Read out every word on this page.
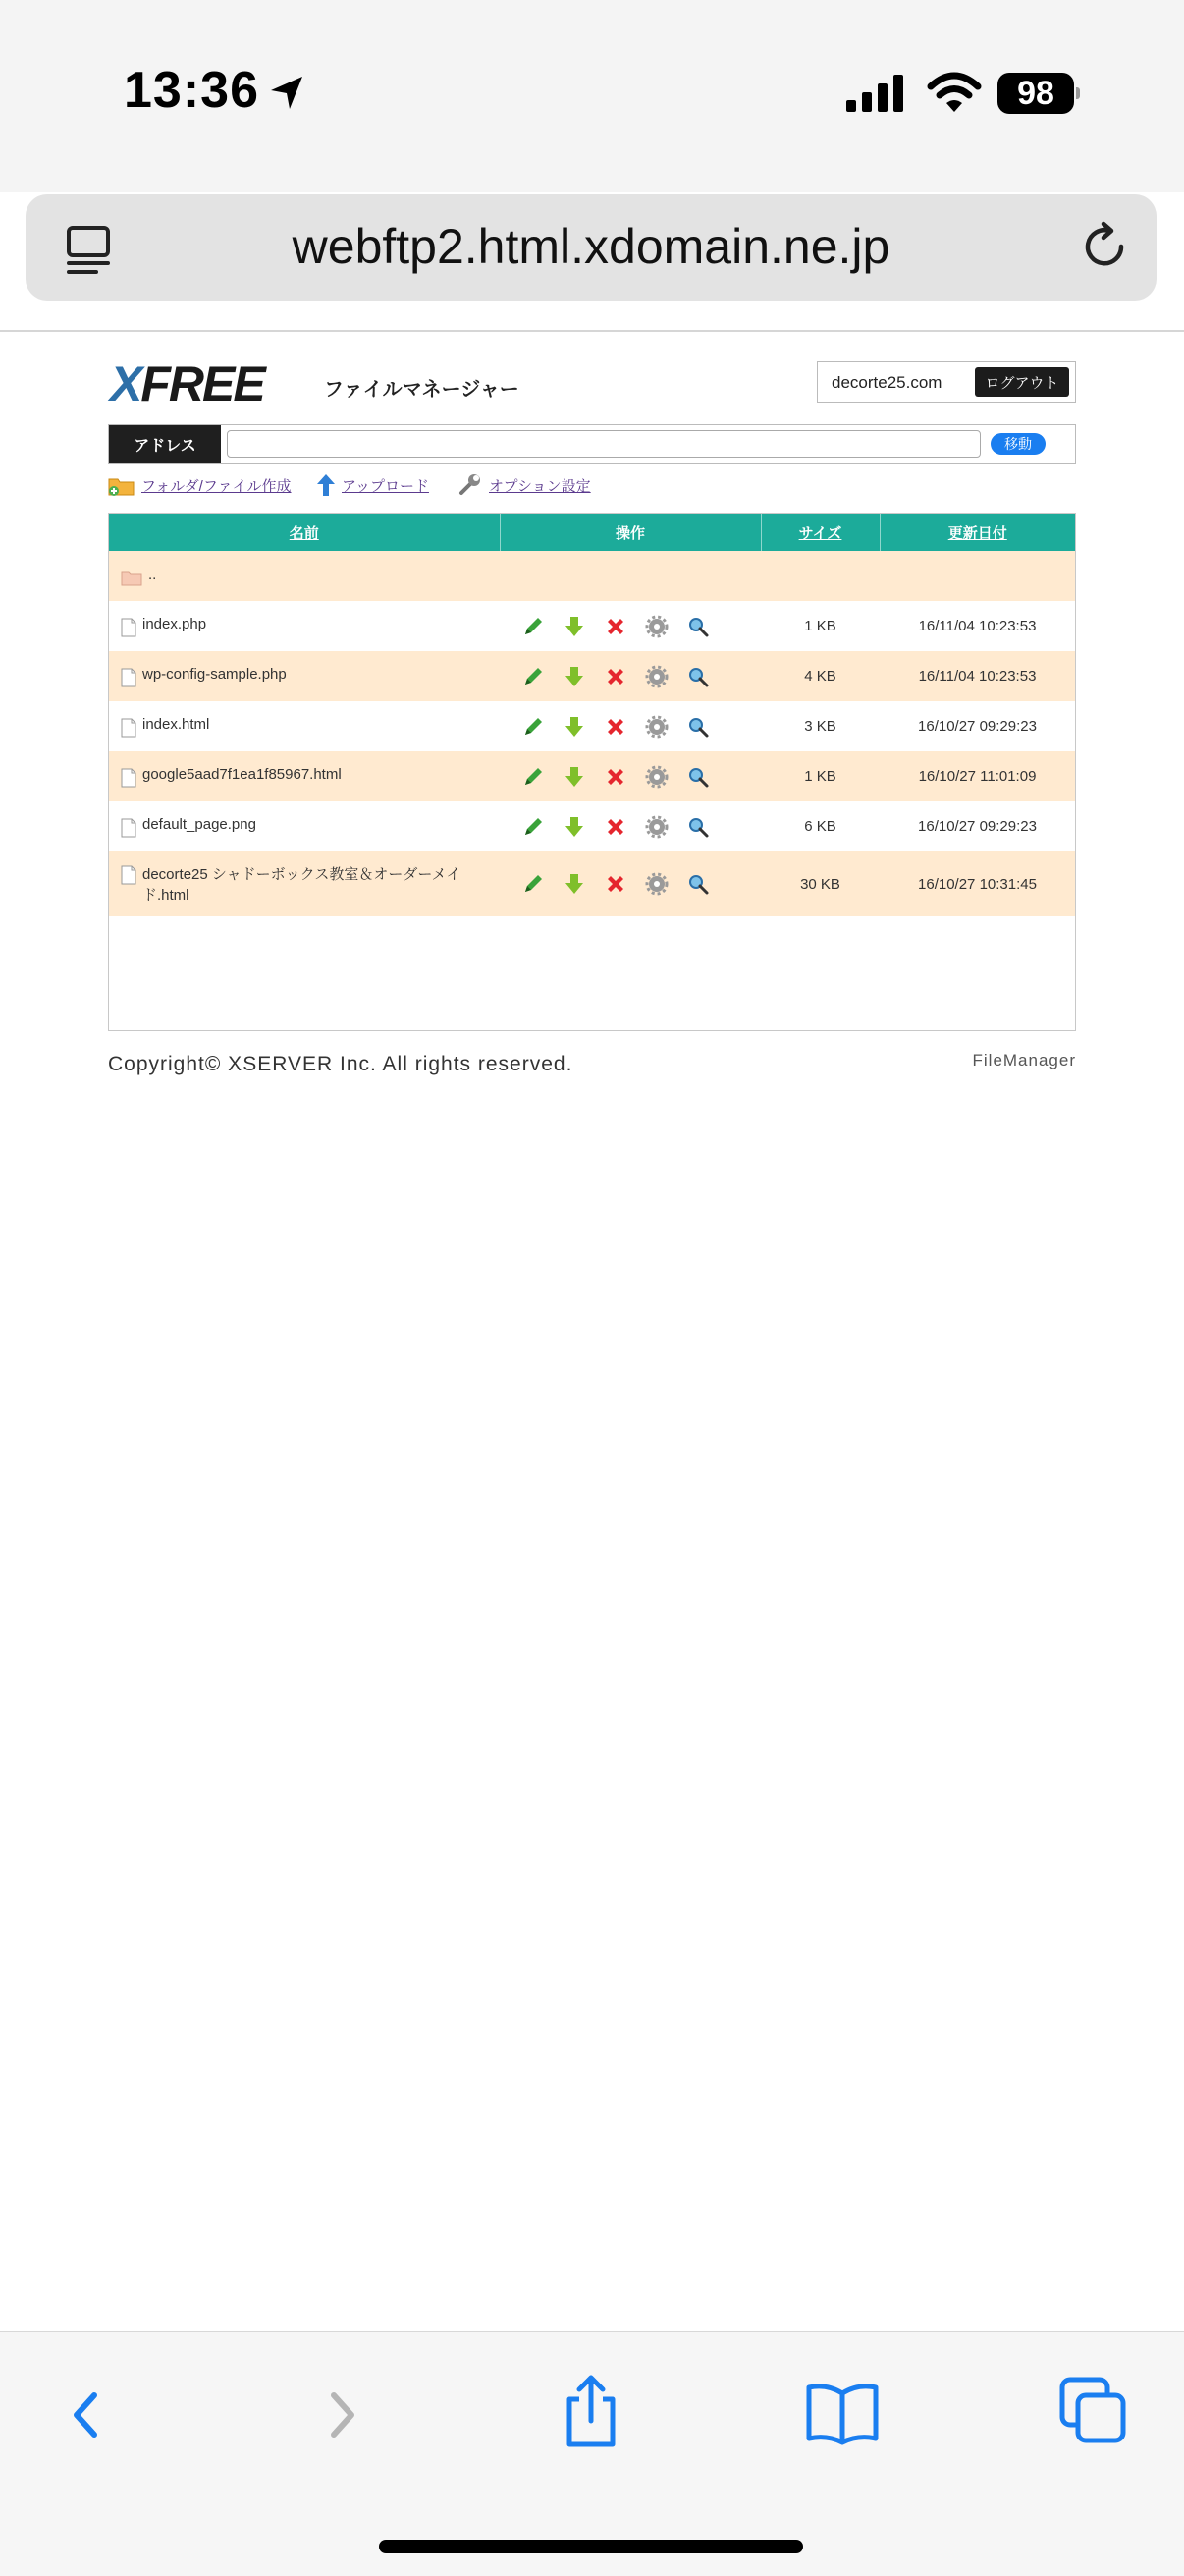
13:36	98
webftp2.html.xdomain.ne.jp
XFREE	ファイルマネージャー	decorte25.com	ログアウト
アドレス	移動
フォルダ/ファイル作成	アップロード	オプション設定
名前	操作	サイズ	更新日付

..			

index.php		1 KB	16/11/04 10:23:53

wp-config-sample.php		4 KB	16/11/04 10:23:53

index.html		3 KB	16/10/27 09:29:23

google5aad7f1ea1f85967.html		1 KB	16/10/27 11:01:09

default_page.png		6 KB	16/10/27 09:29:23

decorte25 シャドーボックス教室＆オーダーメイド.html		30 KB	16/10/27 10:31:45
Copyright© XSERVER Inc. All rights reserved.	FileManager
